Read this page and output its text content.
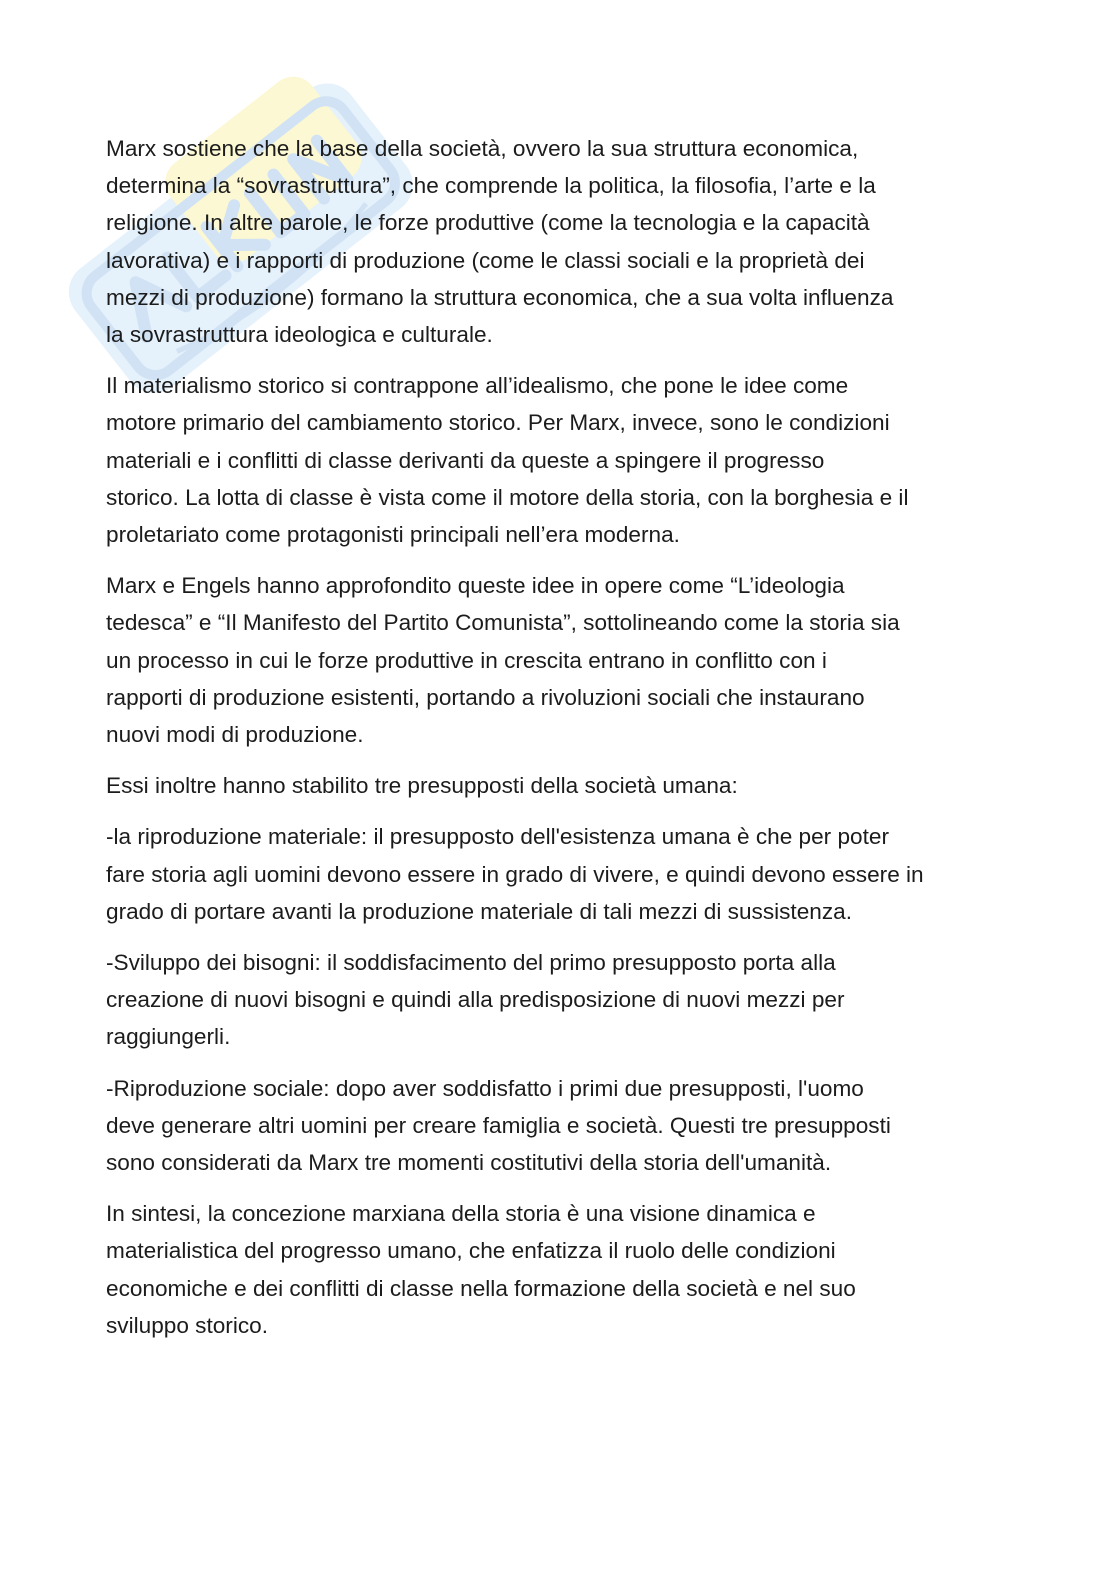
Marx sostiene che la base della società, ovvero la sua struttura economica,
determina la “sovrastruttura”, che comprende la politica, la filosofia, l’arte e la
religione. In altre parole, le forze produttive (come la tecnologia e la capacità
lavorativa) e i rapporti di produzione (come le classi sociali e la proprietà dei
mezzi di produzione) formano la struttura economica, che a sua volta influenza
la sovrastruttura ideologica e culturale.

Il materialismo storico si contrappone all’idealismo, che pone le idee come
motore primario del cambiamento storico. Per Marx, invece, sono le condizioni
materiali e i conflitti di classe derivanti da queste a spingere il progresso
storico. La lotta di classe è vista come il motore della storia, con la borghesia e il
proletariato come protagonisti principali nell’era moderna.

Marx e Engels hanno approfondito queste idee in opere come “L’ideologia
tedesca” e “Il Manifesto del Partito Comunista”, sottolineando come la storia sia
un processo in cui le forze produttive in crescita entrano in conflitto con i
rapporti di produzione esistenti, portando a rivoluzioni sociali che instaurano
nuovi modi di produzione.

Essi inoltre hanno stabilito tre presupposti della società umana:

-la riproduzione materiale: il presupposto dell'esistenza umana è che per poter
fare storia agli uomini devono essere in grado di vivere, e quindi devono essere in
grado di portare avanti la produzione materiale di tali mezzi di sussistenza.

-Sviluppo dei bisogni: il soddisfacimento del primo presupposto porta alla
creazione di nuovi bisogni e quindi alla predisposizione di nuovi mezzi per
raggiungerli.

-Riproduzione sociale: dopo aver soddisfatto i primi due presupposti, l'uomo
deve generare altri uomini per creare famiglia e società. Questi tre presupposti
sono considerati da Marx tre momenti costitutivi della storia dell'umanità.

In sintesi, la concezione marxiana della storia è una visione dinamica e
materialistica del progresso umano, che enfatizza il ruolo delle condizioni
economiche e dei conflitti di classe nella formazione della società e nel suo
sviluppo storico.
